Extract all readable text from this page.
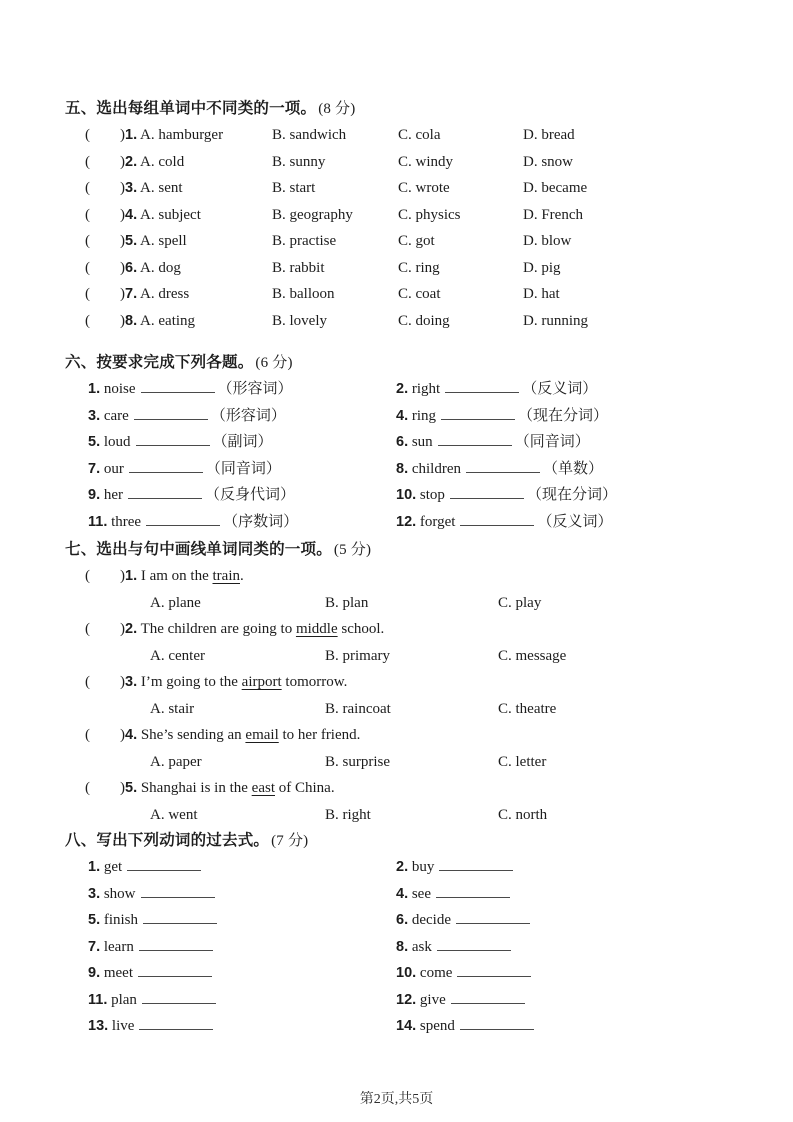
五、选出每组单词中不同类的一项。 (8 分)
(	)1. A. hamburger	B. sandwich	C. cola	D. bread
(	)2. A. cold	B. sunny	C. windy	D. snow
(	)3. A. sent	B. start	C. wrote	D. became
(	)4. A. subject	B. geography	C. physics	D. French
(	)5. A. spell	B. practise	C. got	D. blow
(	)6. A. dog	B. rabbit	C. ring	D. pig
(	)7. A. dress	B. balloon	C. coat	D. hat
(	)8. A. eating	B. lovely	C. doing	D. running
六、按要求完成下列各题。 (6 分)
1. noise	（形容词）	2. right	（反义词）
3. care	（形容词）	4. ring	（现在分词）
5. loud	（副词）	6. sun	（同音词）
7. our	（同音词）	8. children	（单数）
9. her	（反身代词）	10. stop	（现在分词）
11. three	（序数词）	12. forget	（反义词）
七、选出与句中画线单词同类的一项。 (5 分)
(	)1. I am on the train.
A. plane	B. plan	C. play
(	)2. The children are going to middle school.
A. center	B. primary	C. message
(	)3. I’m going to the airport tomorrow.
A. stair	B. raincoat	C. theatre
(	)4. She’s sending an email to her friend.
A. paper	B. surprise	C. letter
(	)5. Shanghai is in the east of China.
A. went	B. right	C. north
八、写出下列动词的过去式。 (7 分)
1. get	2. buy
3. show	4. see
5. finish	6. decide
7. learn	8. ask
9. meet	10. come
11. plan	12. give
13. live	14. spend
第2页,共5页
